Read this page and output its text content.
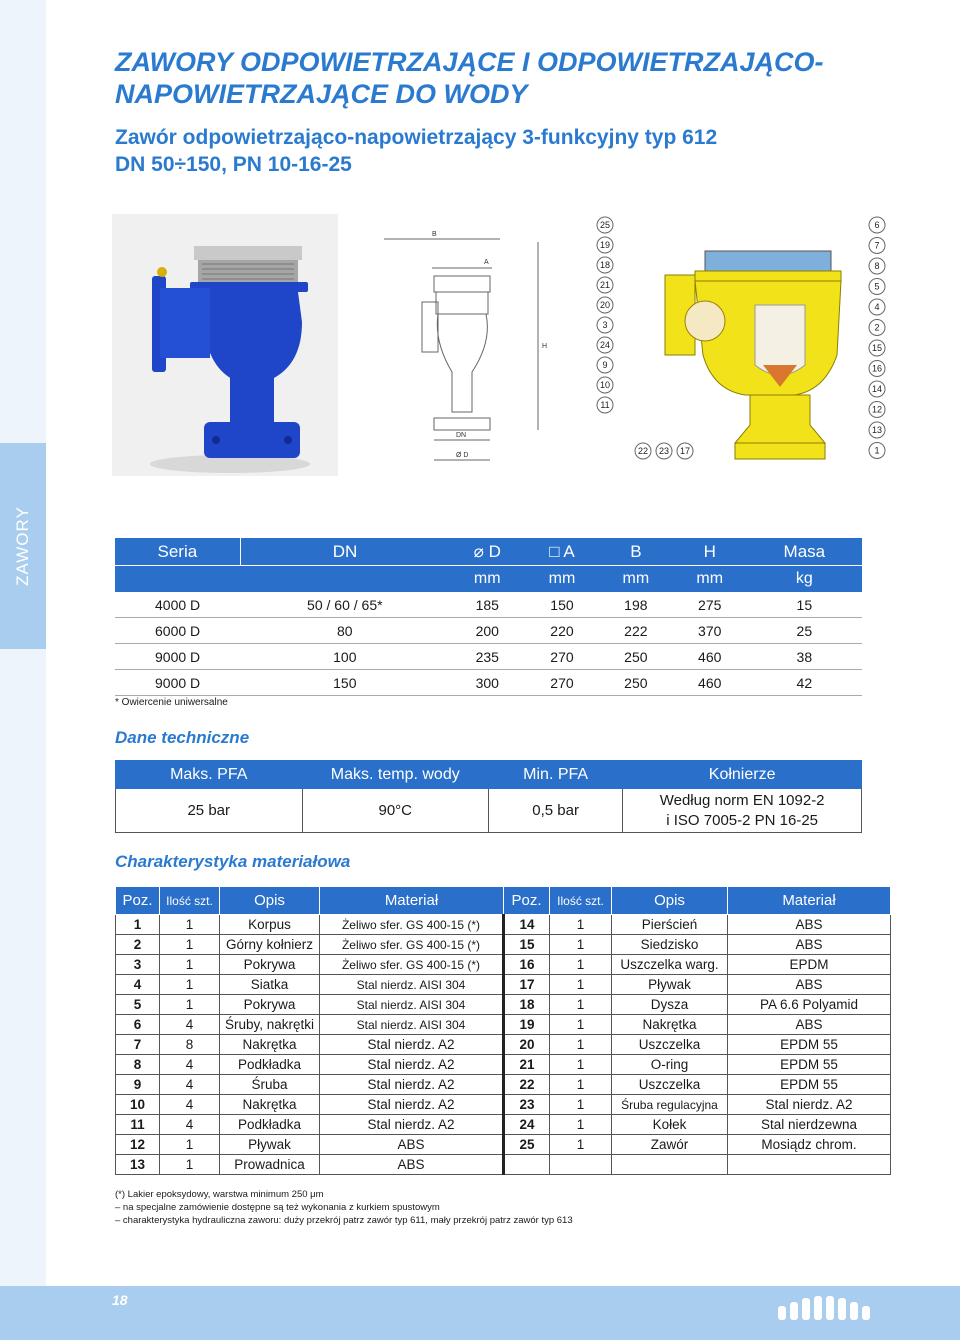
ZAWORY
ZAWORY ODPOWIETRZAJĄCE I ODPOWIETRZAJĄCO-NAPOWIETRZAJĄCE DO WODY
Zawór odpowietrzająco-napowietrzający 3-funkcyjny typ 612
DN 50÷150, PN 10-16-25
B
A
H
DN
Ø D
25
19
18
21
20
3
24
9
10
11
6
7
8
5
4
2
15
16
14
12
13
1
22 23 17
Seria	DN	⌀ D	□ A	B	H	Masa
		mm	mm	mm	mm	kg
4000 D	50 / 60 / 65*	185	150	198	275	15
6000 D	80	200	220	222	370	25
9000 D	100	235	270	250	460	38
9000 D	150	300	270	250	460	42
* Owiercenie uniwersalne
Dane techniczne
Maks. PFA	Maks. temp. wody	Min. PFA	Kołnierze
25 bar	90°C	0,5 bar	Według norm EN 1092-2
i ISO 7005-2 PN 16-25
Charakterystyka materiałowa
Poz.	Ilość szt.	Opis	Materiał	Poz.	Ilość szt.	Opis	Materiał
1	1	Korpus	Żeliwo sfer. GS 400-15 (*)	14	1	Pierścień	ABS
2	1	Górny kołnierz	Żeliwo sfer. GS 400-15 (*)	15	1	Siedzisko	ABS
3	1	Pokrywa	Żeliwo sfer. GS 400-15 (*)	16	1	Uszczelka warg.	EPDM
4	1	Siatka	Stal nierdz. AISI 304	17	1	Pływak	ABS
5	1	Pokrywa	Stal nierdz. AISI 304	18	1	Dysza	PA 6.6 Polyamid
6	4	Śruby, nakrętki	Stal nierdz. AISI 304	19	1	Nakrętka	ABS
7	8	Nakrętka	Stal nierdz. A2	20	1	Uszczelka	EPDM 55
8	4	Podkładka	Stal nierdz. A2	21	1	O-ring	EPDM 55
9	4	Śruba	Stal nierdz. A2	22	1	Uszczelka	EPDM 55
10	4	Nakrętka	Stal nierdz. A2	23	1	Śruba regulacyjna	Stal nierdz. A2
11	4	Podkładka	Stal nierdz. A2	24	1	Kołek	Stal nierdzewna
12	1	Pływak	ABS	25	1	Zawór	Mosiądz chrom.
13	1	Prowadnica	ABS				
(*) Lakier epoksydowy, warstwa minimum 250 μm
– na specjalne zamówienie dostępne są też wykonania z kurkiem spustowym
– charakterystyka hydrauliczna zaworu: duży przekrój patrz zawór typ 611, mały przekrój patrz zawór typ 613
18
